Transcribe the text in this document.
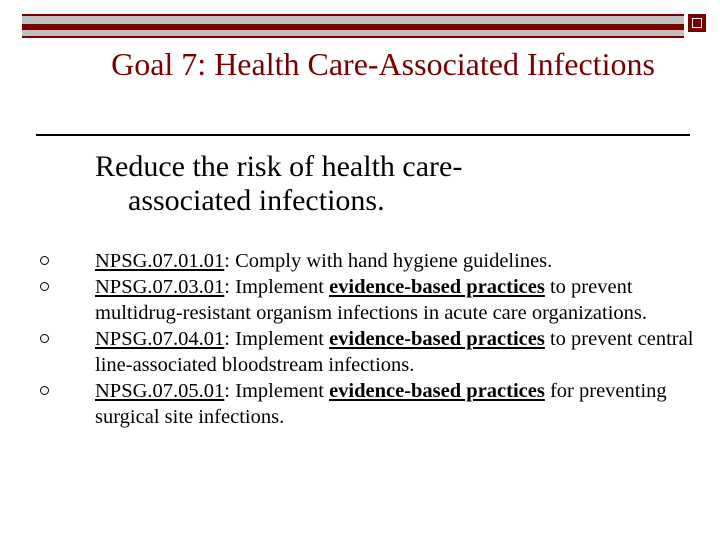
Goal 7: Health Care-Associated Infections
Reduce the risk of health care-
associated infections.
NPSG.07.01.01: Comply with hand hygiene guidelines.
NPSG.07.03.01: Implement evidence-based practices to prevent multidrug-resistant organism infections in acute care organizations.
NPSG.07.04.01: Implement evidence-based practices to prevent central line-associated bloodstream infections.
NPSG.07.05.01: Implement evidence-based practices for preventing surgical site infections.
